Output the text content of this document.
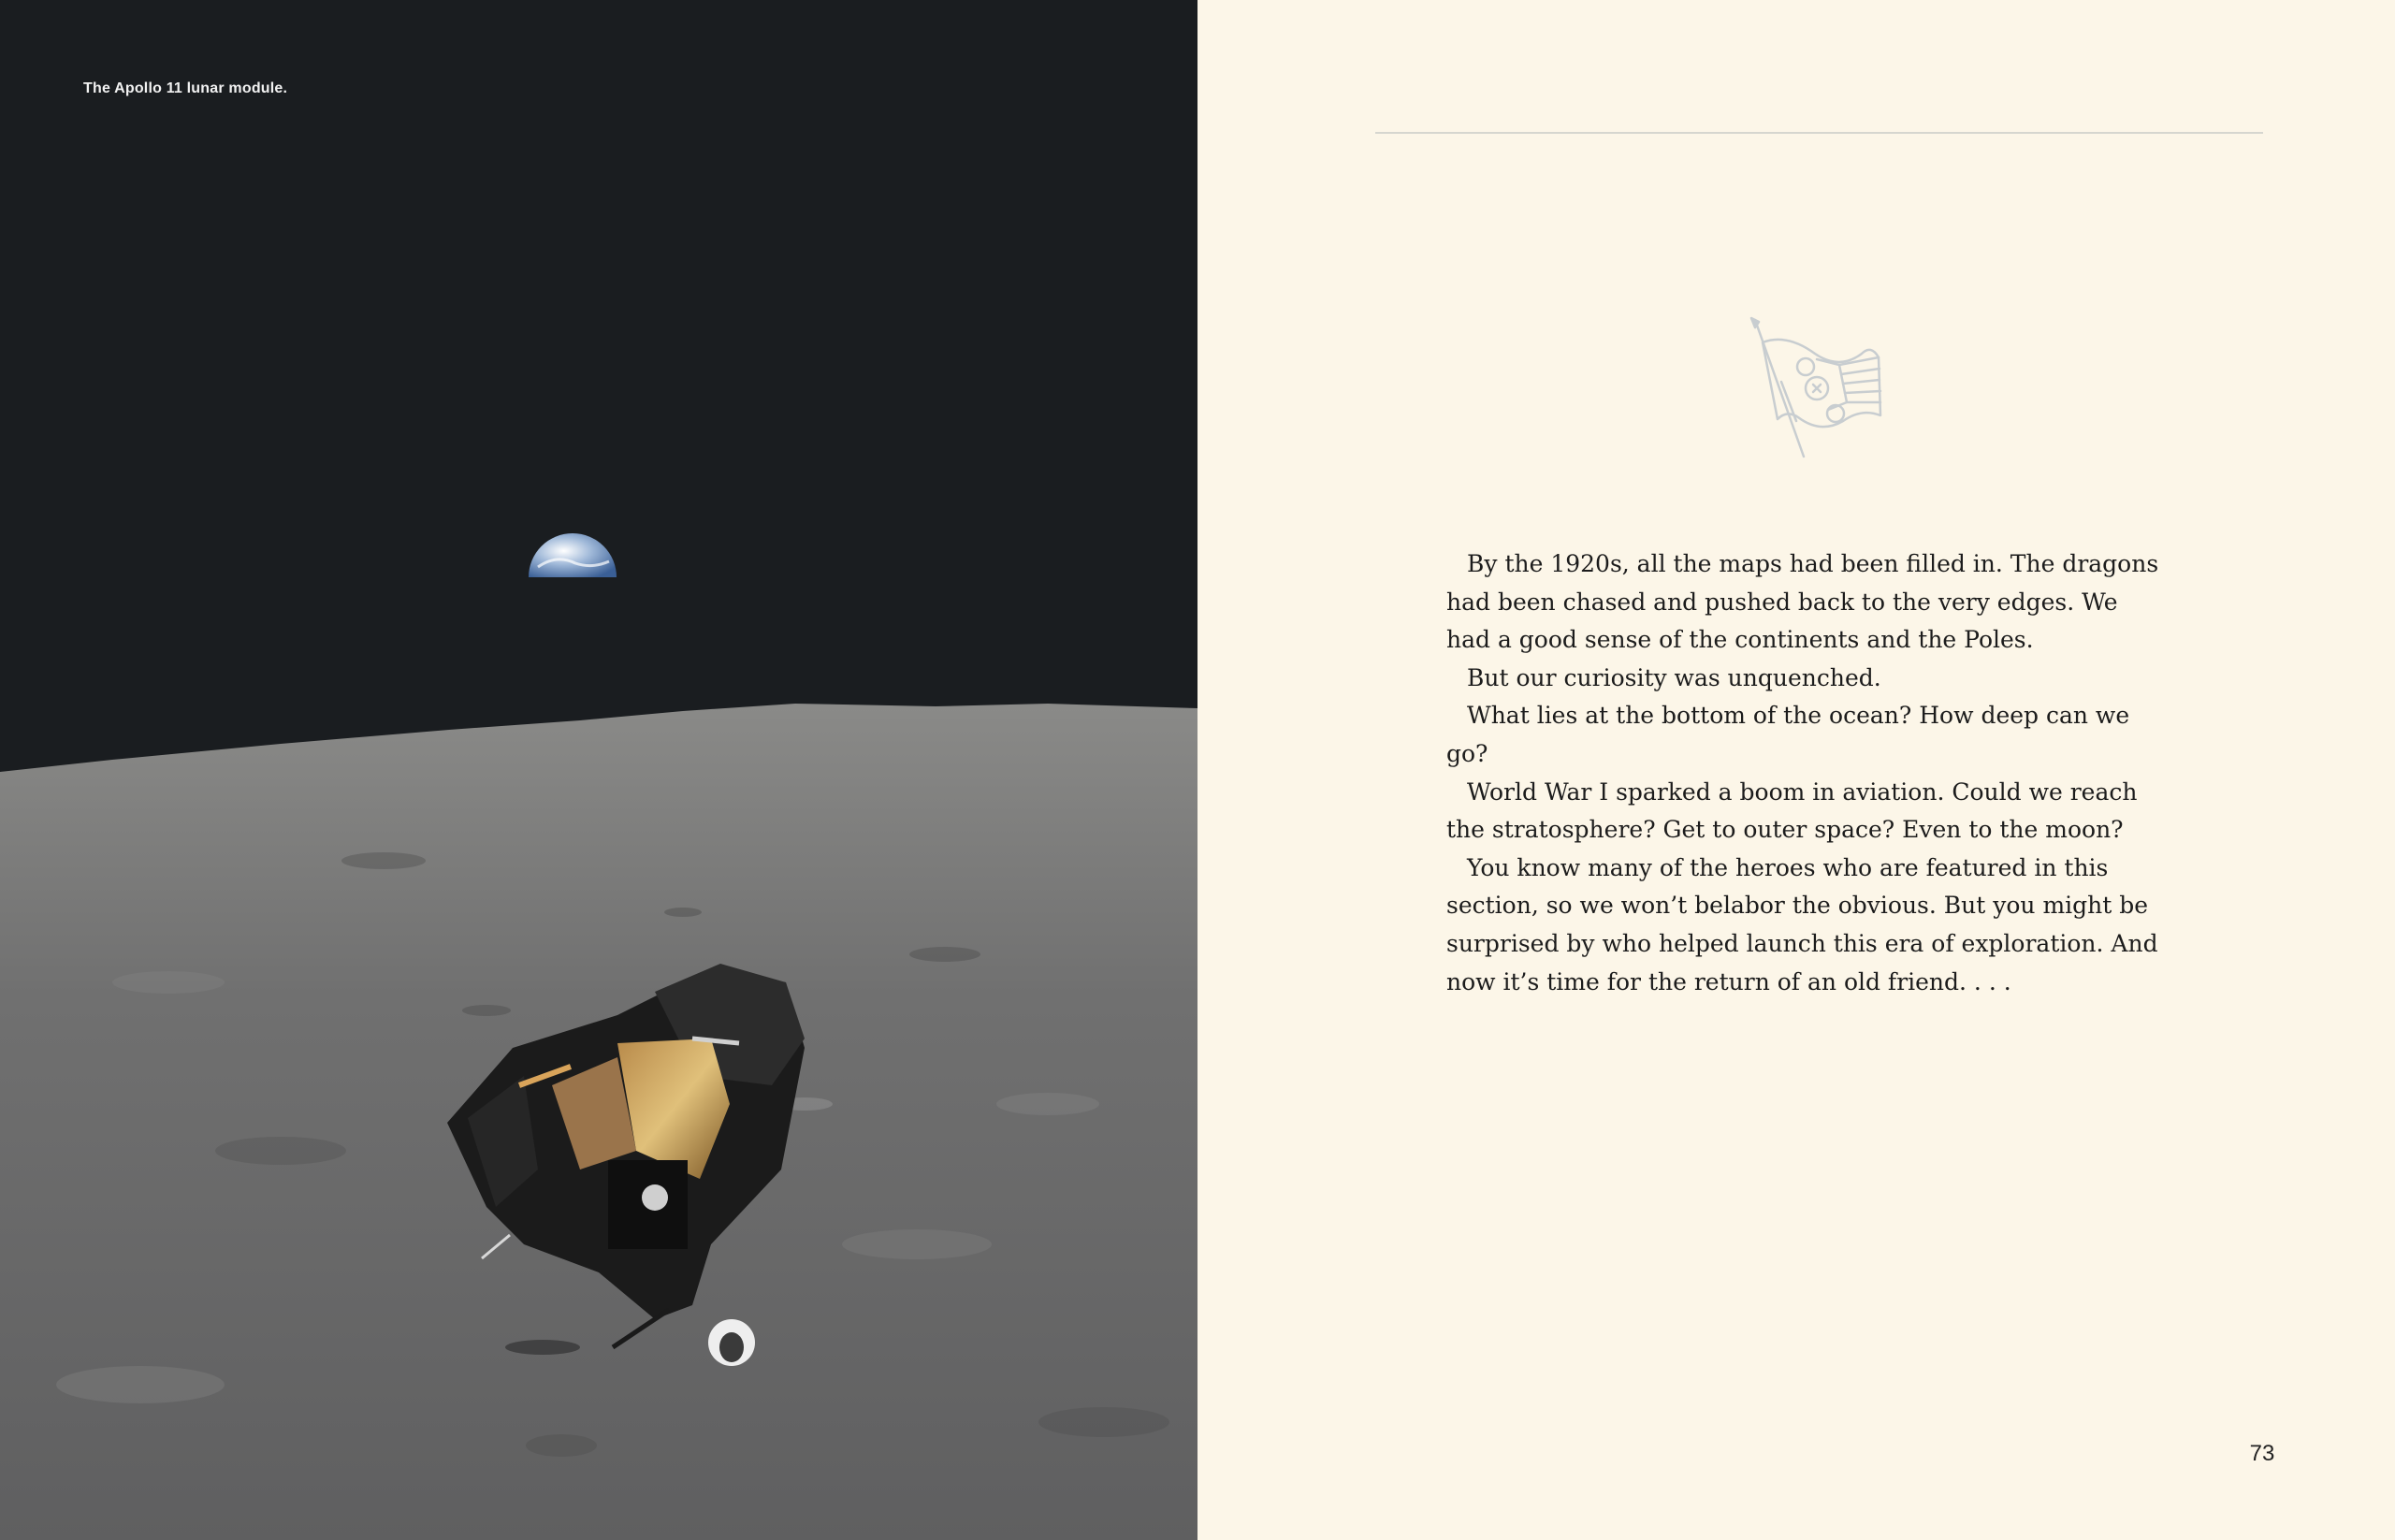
The Apollo 11 lunar module.

By the 1920s, all the maps had been filled in. The dragons had been chased and pushed back to the very edges. We had a good sense of the continents and the Poles.

But our curiosity was unquenched.

What lies at the bottom of the ocean? How deep can we go?

World War I sparked a boom in aviation. Could we reach the stratosphere? Get to outer space? Even to the moon?

You know many of the heroes who are featured in this section, so we won’t belabor the obvious. But you might be surprised by who helped launch this era of exploration. And now it’s time for the return of an old friend. . . .

73
